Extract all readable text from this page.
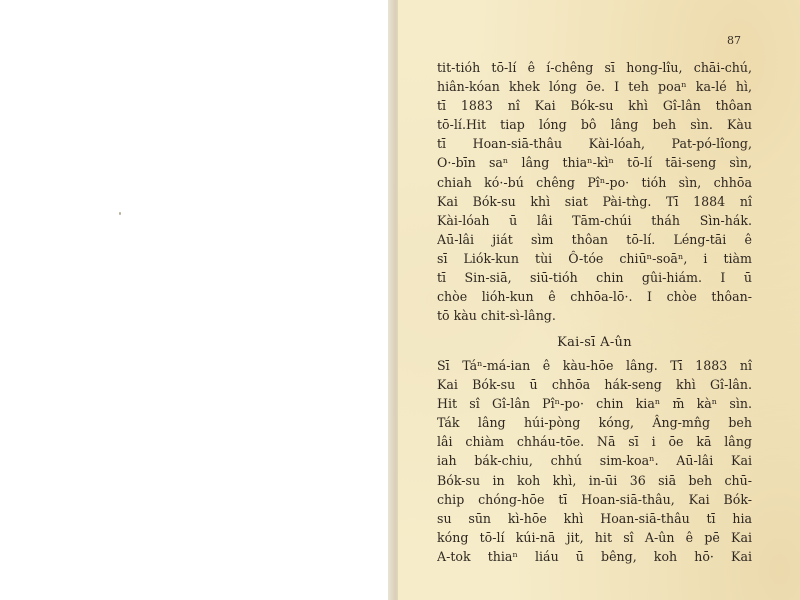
87
tit-tióh tō-lí ê í-chêng sī hong-lîu, chāi-chú,
hiân-kóan khek lóng ōe. I teh poaⁿ ka-lé hì,
tī 1883 nî Kai Bók-su khì Gî-lân thôan
tō-lí.Hit tiap lóng bô lâng beh sìn. Kàu
tī Hoan-siā-thâu Kài-lóah, Pat-pó-lîong,
O·-bīn saⁿ lâng thiaⁿ-kìⁿ tō-lí tāi-seng sìn,
chiah kó·-bú chêng Pîⁿ-po· tióh sìn, chhōa
Kai Bók-su khì siat Pài-tǹg. Tī 1884 nî
Kài-lóah ū lâi Tām-chúi tháh Sìn-hák.
Aū-lâi jiát sìm thôan tō-lí. Léng-tāi ê
sī Liók-kun tùi Ô-tóe chiūⁿ-soāⁿ, i tiàm
tī Sin-siā, siū-tióh chin gûi-hiám. I ū
chòe lióh-kun ê chhōa-lō·. I chòe thôan-
tō kàu chit-sì-lâng.
Kai-sī A-ûn
Sī Táⁿ-má-ian ê kàu-hōe lâng. Tī 1883 nî
Kai Bók-su ū chhōa hák-seng khì Gî-lân.
Hit sî Gî-lân Pîⁿ-po· chin kiaⁿ m̄ kàⁿ sìn.
Ták lâng húi-pòng kóng, Âng-mn̂g beh
lâi chiàm chháu-tōe. Nā sī i ōe kā lâng
iah bák-chiu, chhú sim-koaⁿ. Aū-lâi Kai
Bók-su in koh khì, in-ūi 36 siā beh chū-
chip chóng-hōe tī Hoan-siā-thâu, Kai Bók-
su sūn kì-hōe khì Hoan-siā-thâu tī hia
kóng tō-lí kúi-nā jit, hit sî A-ûn ê pē Kai
A-tok thiaⁿ liáu ū bêng, koh hō· Kai
